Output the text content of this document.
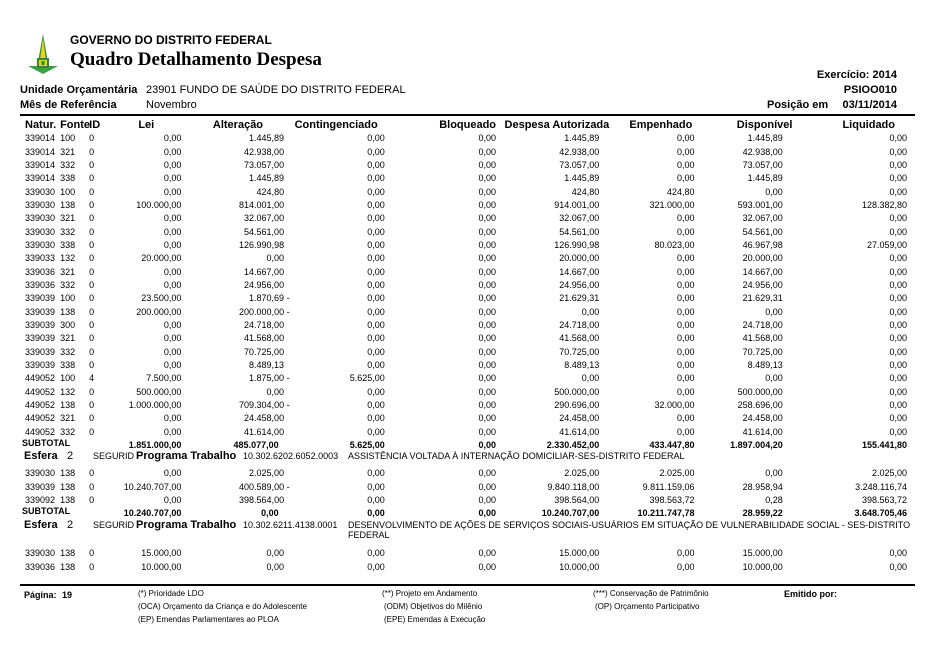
GOVERNO DO DISTRITO FEDERAL
Quadro Detalhamento Despesa
Unidade Orçamentária 23901 FUNDO DE SAÚDE DO DISTRITO FEDERAL
Mês de Referência	Novembro
Exercício: 2014
PSIOO010
Posição em 03/11/2014
Natur.	Fonte	ID	Lei	Alteração	Contingenciado	Bloqueado	Despesa Autorizada	Empenhado	Disponível	Liquidado
339014	100	0	0,00	1.445,89	0,00	0,00	1.445,89	0,00	1.445,89	0,00
339014	321	0	0,00	42.938,00	0,00	0,00	42.938,00	0,00	42.938,00	0,00
339014	332	0	0,00	73.057,00	0,00	0,00	73.057,00	0,00	73.057,00	0,00
339014	338	0	0,00	1.445,89	0,00	0,00	1.445,89	0,00	1.445,89	0,00
339030	100	0	0,00	424,80	0,00	0,00	424,80	424,80	0,00	0,00
339030	138	0	100.000,00	814.001,00	0,00	0,00	914.001,00	321.000,00	593.001,00	128.382,80
339030	321	0	0,00	32.067,00	0,00	0,00	32.067,00	0,00	32.067,00	0,00
339030	332	0	0,00	54.561,00	0,00	0,00	54.561,00	0,00	54.561,00	0,00
339030	338	0	0,00	126.990,98	0,00	0,00	126.990,98	80.023,00	46.967,98	27.059,00
339033	132	0	20.000,00	0,00	0,00	0,00	20.000,00	0,00	20.000,00	0,00
339036	321	0	0,00	14.667,00	0,00	0,00	14.667,00	0,00	14.667,00	0,00
339036	332	0	0,00	24.956,00	0,00	0,00	24.956,00	0,00	24.956,00	0,00
339039	100	0	23.500,00	1.870,69 -	0,00	0,00	21.629,31	0,00	21.629,31	0,00
339039	138	0	200.000,00	200.000,00 -	0,00	0,00	0,00	0,00	0,00	0,00
339039	300	0	0,00	24.718,00	0,00	0,00	24.718,00	0,00	24.718,00	0,00
339039	321	0	0,00	41.568,00	0,00	0,00	41.568,00	0,00	41.568,00	0,00
339039	332	0	0,00	70.725,00	0,00	0,00	70.725,00	0,00	70.725,00	0,00
339039	338	0	0,00	8.489,13	0,00	0,00	8.489,13	0,00	8.489,13	0,00
449052	100	4	7.500,00	1.875,00 -	5.625,00	0,00	0,00	0,00	0,00	0,00
449052	132	0	500.000,00	0,00	0,00	0,00	500.000,00	0,00	500.000,00	0,00
449052	138	0	1.000.000,00	709.304,00 -	0,00	0,00	290.696,00	32.000,00	258.696,00	0,00
449052	321	0	0,00	24.458,00	0,00	0,00	24.458,00	0,00	24.458,00	0,00
449052	332	0	0,00	41.614,00	0,00	0,00	41.614,00	0,00	41.614,00	0,00
SUBTOTAL			1.851.000,00	485.077,00	5.625,00	0,00	2.330.452,00	433.447,80	1.897.004,20	155.441,80
Esfera 2 SEGURID Programa Trabalho 10.302.6202.6052.0003 ASSISTÊNCIA VOLTADA À INTERNAÇÃO DOMICILIAR-SES-DISTRITO FEDERAL
339030	138	0	0,00	2.025,00	0,00	0,00	2.025,00	2.025,00	0,00	2.025,00
339039	138	0	10.240.707,00	400.589,00 -	0,00	0,00	9.840.118,00	9.811.159,06	28.958,94	3.248.116,74
339092	138	0	0,00	398.564,00	0,00	0,00	398.564,00	398.563,72	0,28	398.563,72
SUBTOTAL			10.240.707,00	0,00	0,00	0,00	10.240.707,00	10.211.747,78	28.959,22	3.648.705,46
Esfera 2 SEGURID Programa Trabalho 10.302.6211.4138.0001 DESENVOLVIMENTO DE AÇÕES DE SERVIÇOS SOCIAIS-USUÁRIOS EM SITUAÇÃO DE VULNERABILIDADE SOCIAL - SES-DISTRITO FEDERAL
339030	138	0	15.000,00	0,00	0,00	0,00	15.000,00	0,00	15.000,00	0,00
339036	138	0	10.000,00	0,00	0,00	0,00	10.000,00	0,00	10.000,00	0,00
Página: 19	(*) Prioridade LDO
(OCA) Orçamento da Criança e do Adolescente
(EP) Emendas Parlamentares ao PLOA
(**) Projeto em Andamento
(ODM) Objetivos do Milênio
(EPE) Emendas à Execução
(***) Conservação de Patrimônio
(OP) Orçamento Participativo
Emitido por:
